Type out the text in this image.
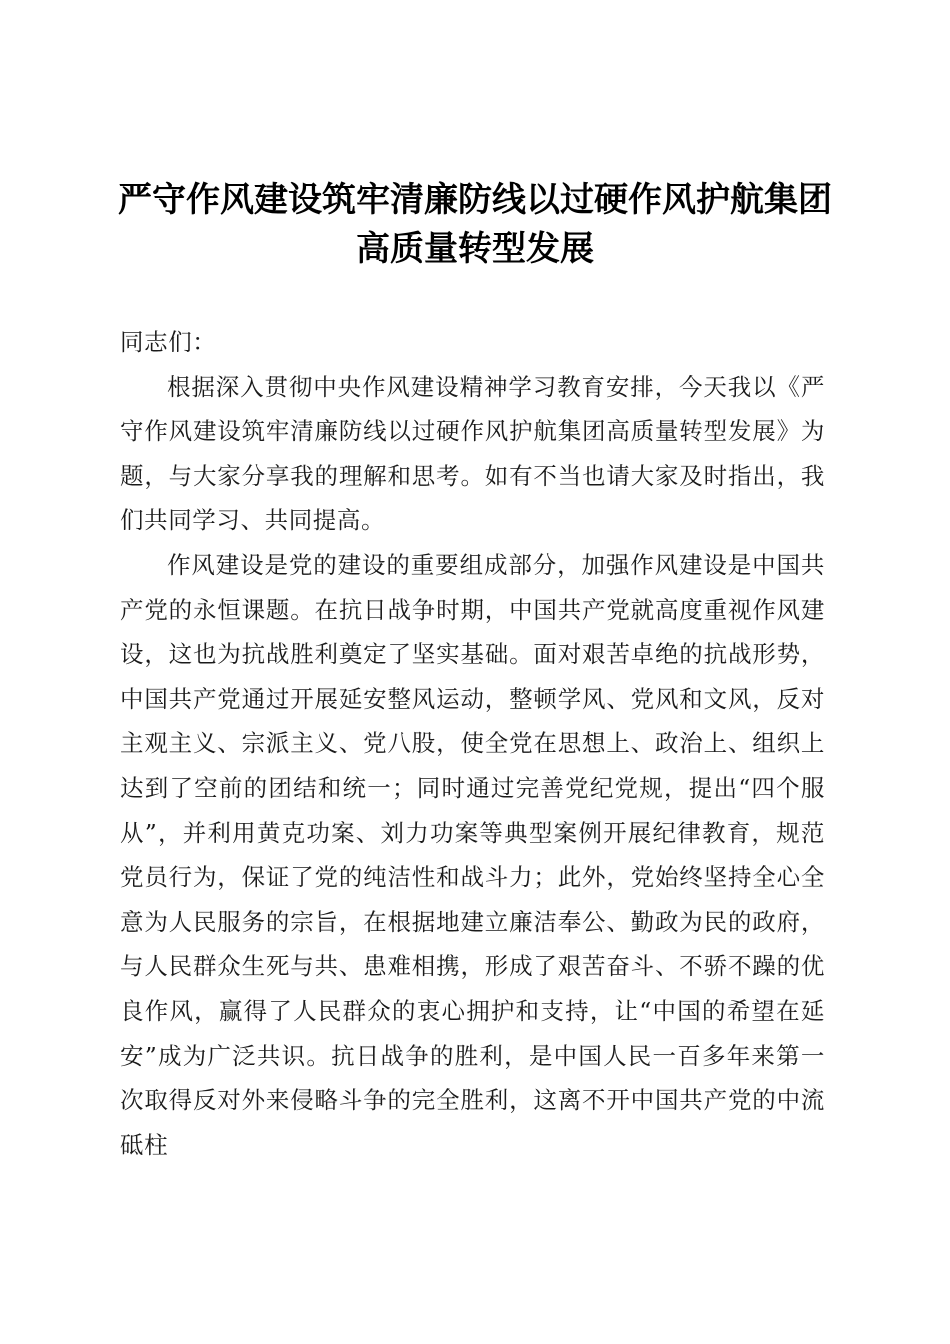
严守作风建设筑牢清廉防线以过硬作风护航集团高质量转型发展

同志们：

根据深入贯彻中央作风建设精神学习教育安排，今天我以《严守作风建设筑牢清廉防线以过硬作风护航集团高质量转型发展》为题，与大家分享我的理解和思考。如有不当也请大家及时指出，我们共同学习、共同提高。

作风建设是党的建设的重要组成部分，加强作风建设是中国共产党的永恒课题。在抗日战争时期，中国共产党就高度重视作风建设，这也为抗战胜利奠定了坚实基础。面对艰苦卓绝的抗战形势，中国共产党通过开展延安整风运动，整顿学风、党风和文风，反对主观主义、宗派主义、党八股，使全党在思想上、政治上、组织上达到了空前的团结和统一；同时通过完善党纪党规，提出“四个服从”，并利用黄克功案、刘力功案等典型案例开展纪律教育，规范党员行为，保证了党的纯洁性和战斗力；此外，党始终坚持全心全意为人民服务的宗旨，在根据地建立廉洁奉公、勤政为民的政府，与人民群众生死与共、患难相携，形成了艰苦奋斗、不骄不躁的优良作风，赢得了人民群众的衷心拥护和支持，让“中国的希望在延安”成为广泛共识。抗日战争的胜利，是中国人民一百多年来第一次取得反对外来侵略斗争的完全胜利，这离不开中国共产党的中流砥柱
